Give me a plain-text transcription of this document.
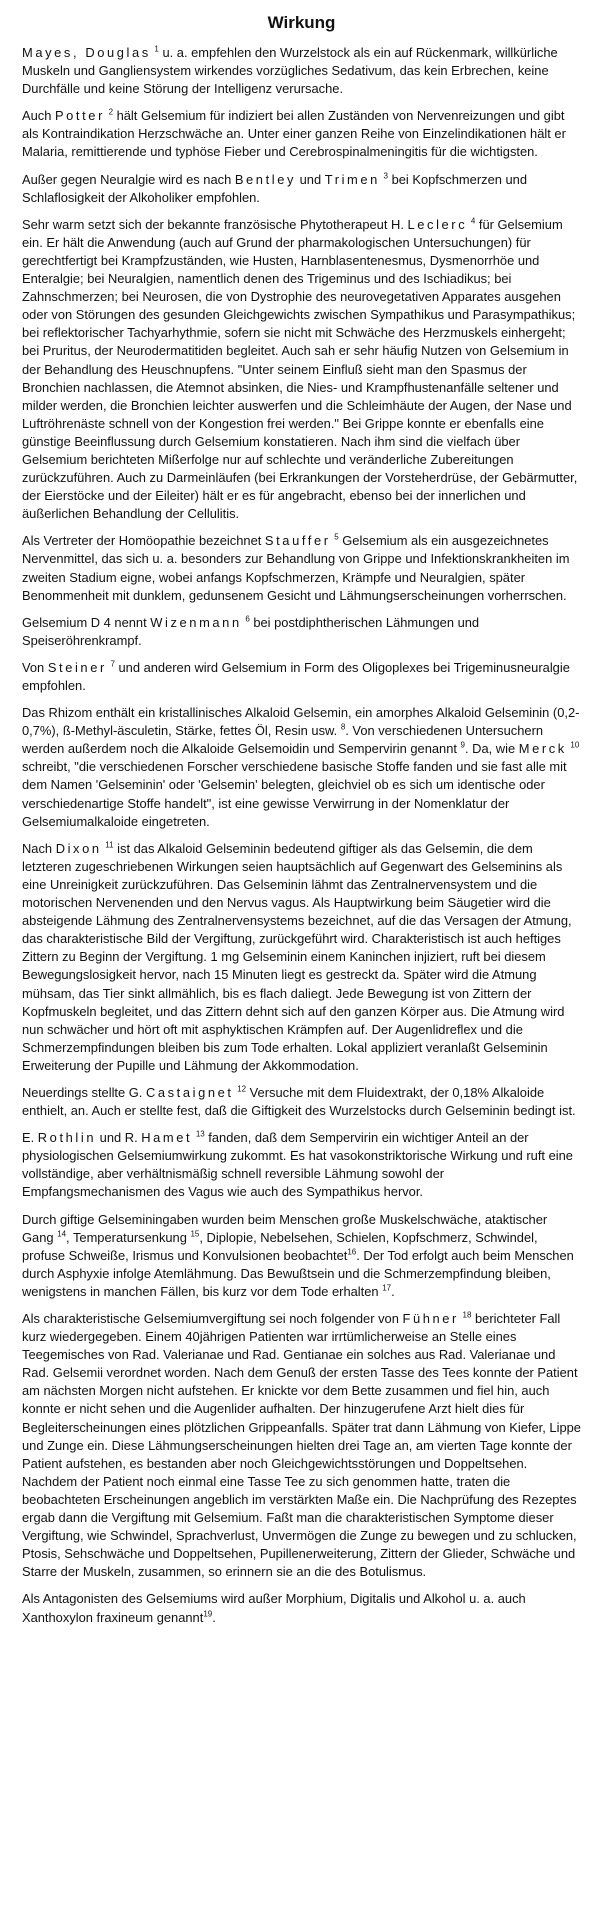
Wirkung

Mayes, Douglas $^1$ u. a. empfehlen den Wurzelstock als ein auf Rückenmark, willkürliche Muskeln und Gangliensystem wirkendes vorzügliches Sedativum, das kein Erbrechen, keine Durchfälle und keine Störung der Intelligenz verursache.

Auch Potter $^2$ hält Gelsemium für indiziert bei allen Zuständen von Nervenreizungen und gibt als Kontraindikation Herzschwäche an. Unter einer ganzen Reihe von Einzelindikationen hält er Malaria, remittierende und typhöse Fieber und Cerebrospinalmeningitis für die wichtigsten.

Außer gegen Neuralgie wird es nach Bentley und Trimen $^3$ bei Kopfschmerzen und Schlaflosigkeit der Alkoholiker empfohlen.

Sehr warm setzt sich der bekannte französische Phytotherapeut H. Leclerc $^4$ für Gelsemium ein. Er hält die Anwendung (auch auf Grund der pharmakologischen Untersuchungen) für gerechtfertigt bei Krampfzuständen, wie Husten, Harnblasentenesmus, Dysmenorrhöe und Enteralgie; bei Neuralgien, namentlich denen des Trigeminus und des Ischiadikus; bei Zahnschmerzen; bei Neurosen, die von Dystrophie des neurovegetativen Apparates ausgehen oder von Störungen des gesunden Gleichgewichts zwischen Sympathikus und Parasympathikus; bei reflektorischer Tachyarhythmie, sofern sie nicht mit Schwäche des Herzmuskels einhergeht; bei Pruritus, der Neurodermatitiden begleitet. Auch sah er sehr häufig Nutzen von Gelsemium in der Behandlung des Heuschnupfens. "Unter seinem Einfluß sieht man den Spasmus der Bronchien nachlassen, die Atemnot absinken, die Nies- und Krampfhustenanfälle seltener und milder werden, die Bronchien leichter auswerfen und die Schleimhäute der Augen, der Nase und Luftröhrenäste schnell von der Kongestion frei werden." Bei Grippe konnte er ebenfalls eine günstige Beeinflussung durch Gelsemium konstatieren. Nach ihm sind die vielfach über Gelsemium berichteten Mißerfolge nur auf schlechte und veränderliche Zubereitungen zurückzuführen. Auch zu Darmeinläufen (bei Erkrankungen der Vorsteherdrüse, der Gebärmutter, der Eierstöcke und der Eileiter) hält er es für angebracht, ebenso bei der innerlichen und äußerlichen Behandlung der Cellulitis.

Als Vertreter der Homöopathie bezeichnet Stauffer $^5$ Gelsemium als ein ausgezeichnetes Nervenmittel, das sich u. a. besonders zur Behandlung von Grippe und Infektionskrankheiten im zweiten Stadium eigne, wobei anfangs Kopfschmerzen, Krämpfe und Neuralgien, später Benommenheit mit dunklem, gedunsenem Gesicht und Lähmungserscheinungen vorherrschen.

Gelsemium D 4 nennt Wizenmann $^6$ bei postdiphtherischen Lähmungen und Speiseröhrenkrampf.

Von Steiner $^7$ und anderen wird Gelsemium in Form des Oligoplexes bei Trigeminusneuralgie empfohlen.

Das Rhizom enthält ein kristallinisches Alkaloid Gelsemin, ein amorphes Alkaloid Gelseminin (0,2-0,7%), ß-Methyl-äsculetin, Stärke, fettes Öl, Resin usw. $^8$. Von verschiedenen Untersuchern werden außerdem noch die Alkaloide Gelsemoidin und Sempervirin genannt $^9$. Da, wie Merck $^{10}$ schreibt, "die verschiedenen Forscher verschiedene basische Stoffe fanden und sie fast alle mit dem Namen 'Gelseminin' oder 'Gelsemin' belegten, gleichviel ob es sich um identische oder verschiedenartige Stoffe handelt", ist eine gewisse Verwirrung in der Nomenklatur der Gelsemiumalkaloide eingetreten.

Nach Dixon $^{11}$ ist das Alkaloid Gelseminin bedeutend giftiger als das Gelsemin, die dem letzteren zugeschriebenen Wirkungen seien hauptsächlich auf Gegenwart des Gelseminins als eine Unreinigkeit zurückzuführen. Das Gelseminin lähmt das Zentralnervensystem und die motorischen Nervenenden und den Nervus vagus. Als Hauptwirkung beim Säugetier wird die absteigende Lähmung des Zentralnervensystems bezeichnet, auf die das Versagen der Atmung, das charakteristische Bild der Vergiftung, zurückgeführt wird. Charakteristisch ist auch heftiges Zittern zu Beginn der Vergiftung. 1 mg Gelseminin einem Kaninchen injiziert, ruft bei diesem Bewegungslosigkeit hervor, nach 15 Minuten liegt es gestreckt da. Später wird die Atmung mühsam, das Tier sinkt allmählich, bis es flach daliegt. Jede Bewegung ist von Zittern der Kopfmuskeln begleitet, und das Zittern dehnt sich auf den ganzen Körper aus. Die Atmung wird nun schwächer und hört oft mit asphyktischen Krämpfen auf. Der Augenlidreflex und die Schmerzempfindungen bleiben bis zum Tode erhalten. Lokal appliziert veranlaßt Gelseminin Erweiterung der Pupille und Lähmung der Akkommodation.

Neuerdings stellte G. Castaignet $^{12}$ Versuche mit dem Fluidextrakt, der 0,18% Alkaloide enthielt, an. Auch er stellte fest, daß die Giftigkeit des Wurzelstocks durch Gelseminin bedingt ist.

E. Rothlin und R. Hamet $^{13}$ fanden, daß dem Sempervirin ein wichtiger Anteil an der physiologischen Gelsemiumwirkung zukommt. Es hat vasokonstriktorische Wirkung und ruft eine vollständige, aber verhältnismäßig schnell reversible Lähmung sowohl der Empfangsmechanismen des Vagus wie auch des Sympathikus hervor.

Durch giftige Gelseminingaben wurden beim Menschen große Muskelschwäche, ataktischer Gang $^{14}$, Temperatursenkung $^{15}$, Diplopie, Nebelsehen, Schielen, Kopfschmerz, Schwindel, profuse Schweiße, Irismus und Konvulsionen beobachtet$^{16}$. Der Tod erfolgt auch beim Menschen durch Asphyxie infolge Atemlähmung. Das Bewußtsein und die Schmerzempfindung bleiben, wenigstens in manchen Fällen, bis kurz vor dem Tode erhalten $^{17}$.

Als charakteristische Gelsemiumvergiftung sei noch folgender von Fühner $^{18}$ berichteter Fall kurz wiedergegeben. Einem 40jährigen Patienten war irrtümlicherweise an Stelle eines Teegemisches von Rad. Valerianae und Rad. Gentianae ein solches aus Rad. Valerianae und Rad. Gelsemii verordnet worden. Nach dem Genuß der ersten Tasse des Tees konnte der Patient am nächsten Morgen nicht aufstehen. Er knickte vor dem Bette zusammen und fiel hin, auch konnte er nicht sehen und die Augenlider aufhalten. Der hinzugerufene Arzt hielt dies für Begleiterscheinungen eines plötzlichen Grippeanfalls. Später trat dann Lähmung von Kiefer, Lippe und Zunge ein. Diese Lähmungserscheinungen hielten drei Tage an, am vierten Tage konnte der Patient aufstehen, es bestanden aber noch Gleichgewichtsstörungen und Doppeltsehen. Nachdem der Patient noch einmal eine Tasse Tee zu sich genommen hatte, traten die beobachteten Erscheinungen angeblich im verstärkten Maße ein. Die Nachprüfung des Rezeptes ergab dann die Vergiftung mit Gelsemium. Faßt man die charakteristischen Symptome dieser Vergiftung, wie Schwindel, Sprachverlust, Unvermögen die Zunge zu bewegen und zu schlucken, Ptosis, Sehschwäche und Doppeltsehen, Pupillenerweiterung, Zittern der Glieder, Schwäche und Starre der Muskeln, zusammen, so erinnern sie an die des Botulismus.

Als Antagonisten des Gelsemiums wird außer Morphium, Digitalis und Alkohol u. a. auch Xanthoxylon fraxineum genannt$^{19}$.
